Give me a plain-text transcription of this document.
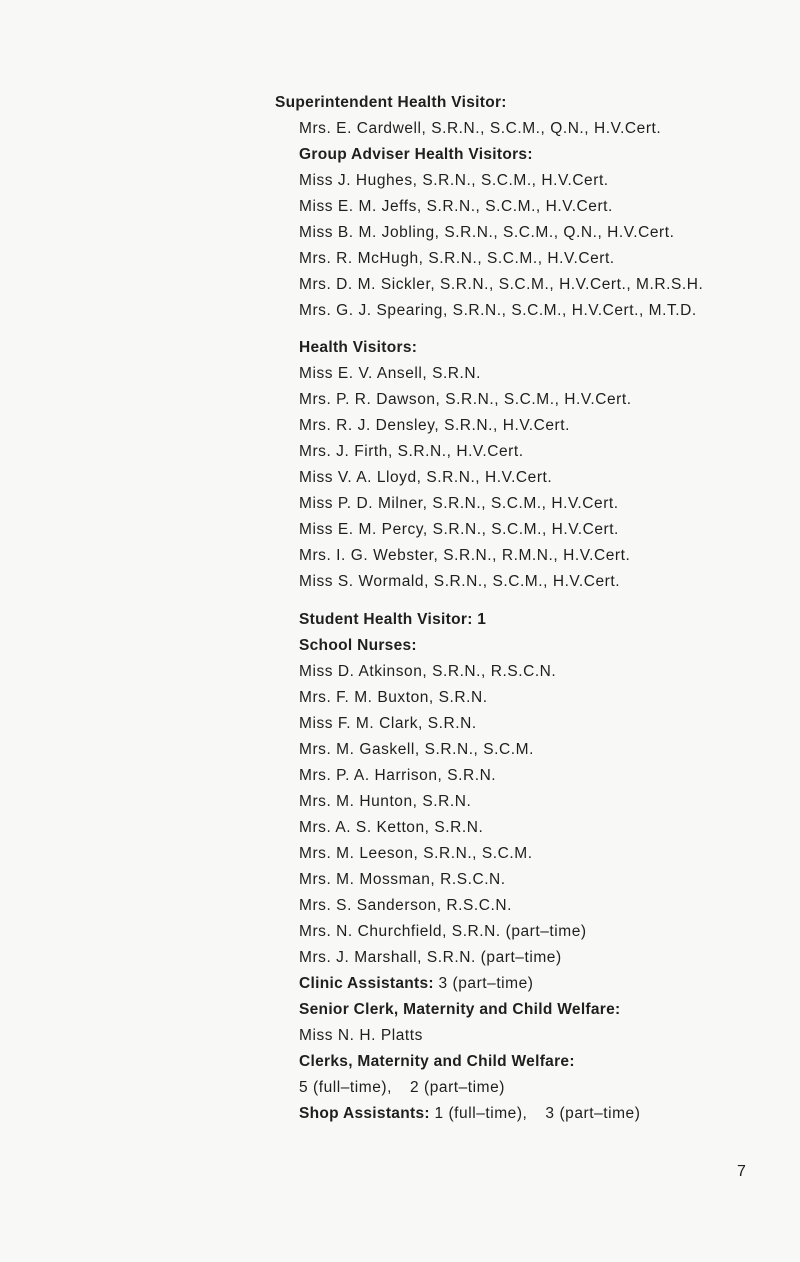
Superintendent Health Visitor:
Mrs. E. Cardwell, S.R.N., S.C.M., Q.N., H.V.Cert.
Group Adviser Health Visitors:
Miss J. Hughes, S.R.N., S.C.M., H.V.Cert.
Miss E. M. Jeffs, S.R.N., S.C.M., H.V.Cert.
Miss B. M. Jobling, S.R.N., S.C.M., Q.N., H.V.Cert.
Mrs. R. McHugh, S.R.N., S.C.M., H.V.Cert.
Mrs. D. M. Sickler, S.R.N., S.C.M., H.V.Cert., M.R.S.H.
Mrs. G. J. Spearing, S.R.N., S.C.M., H.V.Cert., M.T.D.
Health Visitors:
Miss E. V. Ansell, S.R.N.
Mrs. P. R. Dawson, S.R.N., S.C.M., H.V.Cert.
Mrs. R. J. Densley, S.R.N., H.V.Cert.
Mrs. J. Firth, S.R.N., H.V.Cert.
Miss V. A. Lloyd, S.R.N., H.V.Cert.
Miss P. D. Milner, S.R.N., S.C.M., H.V.Cert.
Miss E. M. Percy, S.R.N., S.C.M., H.V.Cert.
Mrs. I. G. Webster, S.R.N., R.M.N., H.V.Cert.
Miss S. Wormald, S.R.N., S.C.M., H.V.Cert.
Student Health Visitor: 1
School Nurses:
Miss D. Atkinson, S.R.N., R.S.C.N.
Mrs. F. M. Buxton, S.R.N.
Miss F. M. Clark, S.R.N.
Mrs. M. Gaskell, S.R.N., S.C.M.
Mrs. P. A. Harrison, S.R.N.
Mrs. M. Hunton, S.R.N.
Mrs. A. S. Ketton, S.R.N.
Mrs. M. Leeson, S.R.N., S.C.M.
Mrs. M. Mossman, R.S.C.N.
Mrs. S. Sanderson, R.S.C.N.
Mrs. N. Churchfield, S.R.N. (part–time)
Mrs. J. Marshall, S.R.N. (part–time)
Clinic Assistants: 3 (part–time)
Senior Clerk, Maternity and Child Welfare:
Miss N. H. Platts
Clerks, Maternity and Child Welfare:
5 (full–time), 2 (part–time)
Shop Assistants: 1 (full–time), 3 (part–time)
7
